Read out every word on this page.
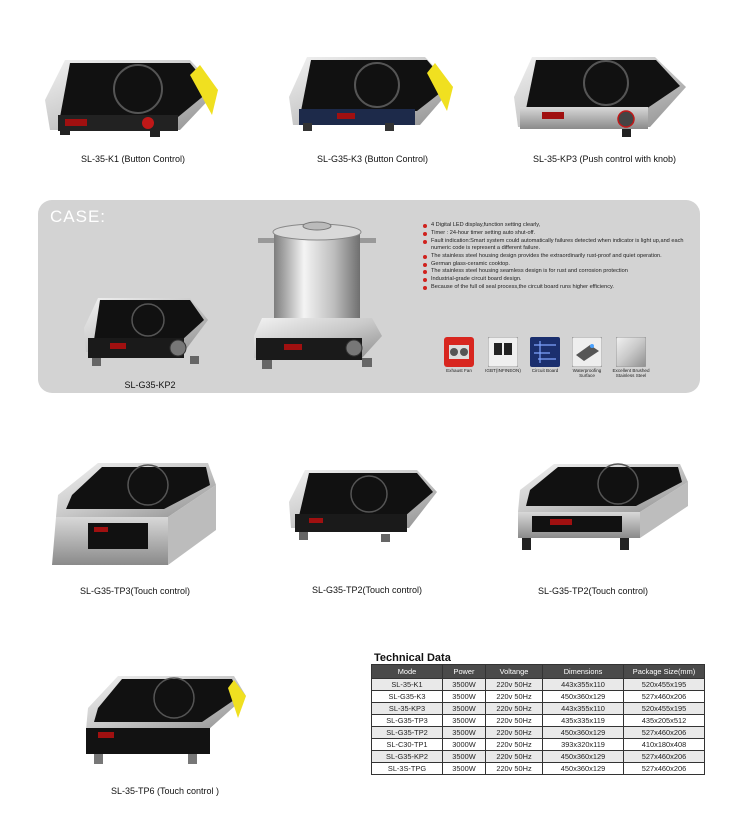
SL-35-K1 (Button Control)	SL-G35-K3 (Button Control)	SL-35-KP3 (Push control with knob)
CASE:
SL-G35-KP2
4 Digital LED display,function setting clearly,
Timer : 24-hour timer setting auto shut-off.
Fault indication:Smart system could automatically failures detected when indicator is light up,and each numeric code is represent a different failure.
The stainless steel housing design provides the extraordinarily rust-proof and quiet operation.
German glass-ceramic cooktop.
The stainless steel housing seamless design is for rust and corrosion protection
Industrial-grade circuit board design.
Because of the full oil seal process,the circuit board runs higher efficiency.
Exhaust Fan	IGBT(INFINEON)	Circuit Board	Waterproofing Surface
Excellent Brushed Stainless Steel
SL-G35-TP3(Touch control)	SL-G35-TP2(Touch control)	SL-G35-TP2(Touch control)
SL-35-TP6 (Touch control )
Technical Data
Mode	Power	Voltange	Dimensions	Package Size(mm)
SL-35-K1	3500W	220v 50Hz	443x355x110	520x455x195
SL-G35-K3	3500W	220v 50Hz	450x360x129	527x460x206
SL-35-KP3	3500W	220v 50Hz	443x355x110	520x455x195
SL-G35-TP3	3500W	220v 50Hz	435x335x119	435x205x512
SL-G35-TP2	3500W	220v 50Hz	450x360x129	527x460x206
SL-C30-TP1	3000W	220v 50Hz	393x320x119	410x180x408
SL-G35-KP2	3500W	220v 50Hz	450x360x129	527x460x206
SL-3S-TPG	3500W	220v 50Hz	450x360x129	527x460x206
